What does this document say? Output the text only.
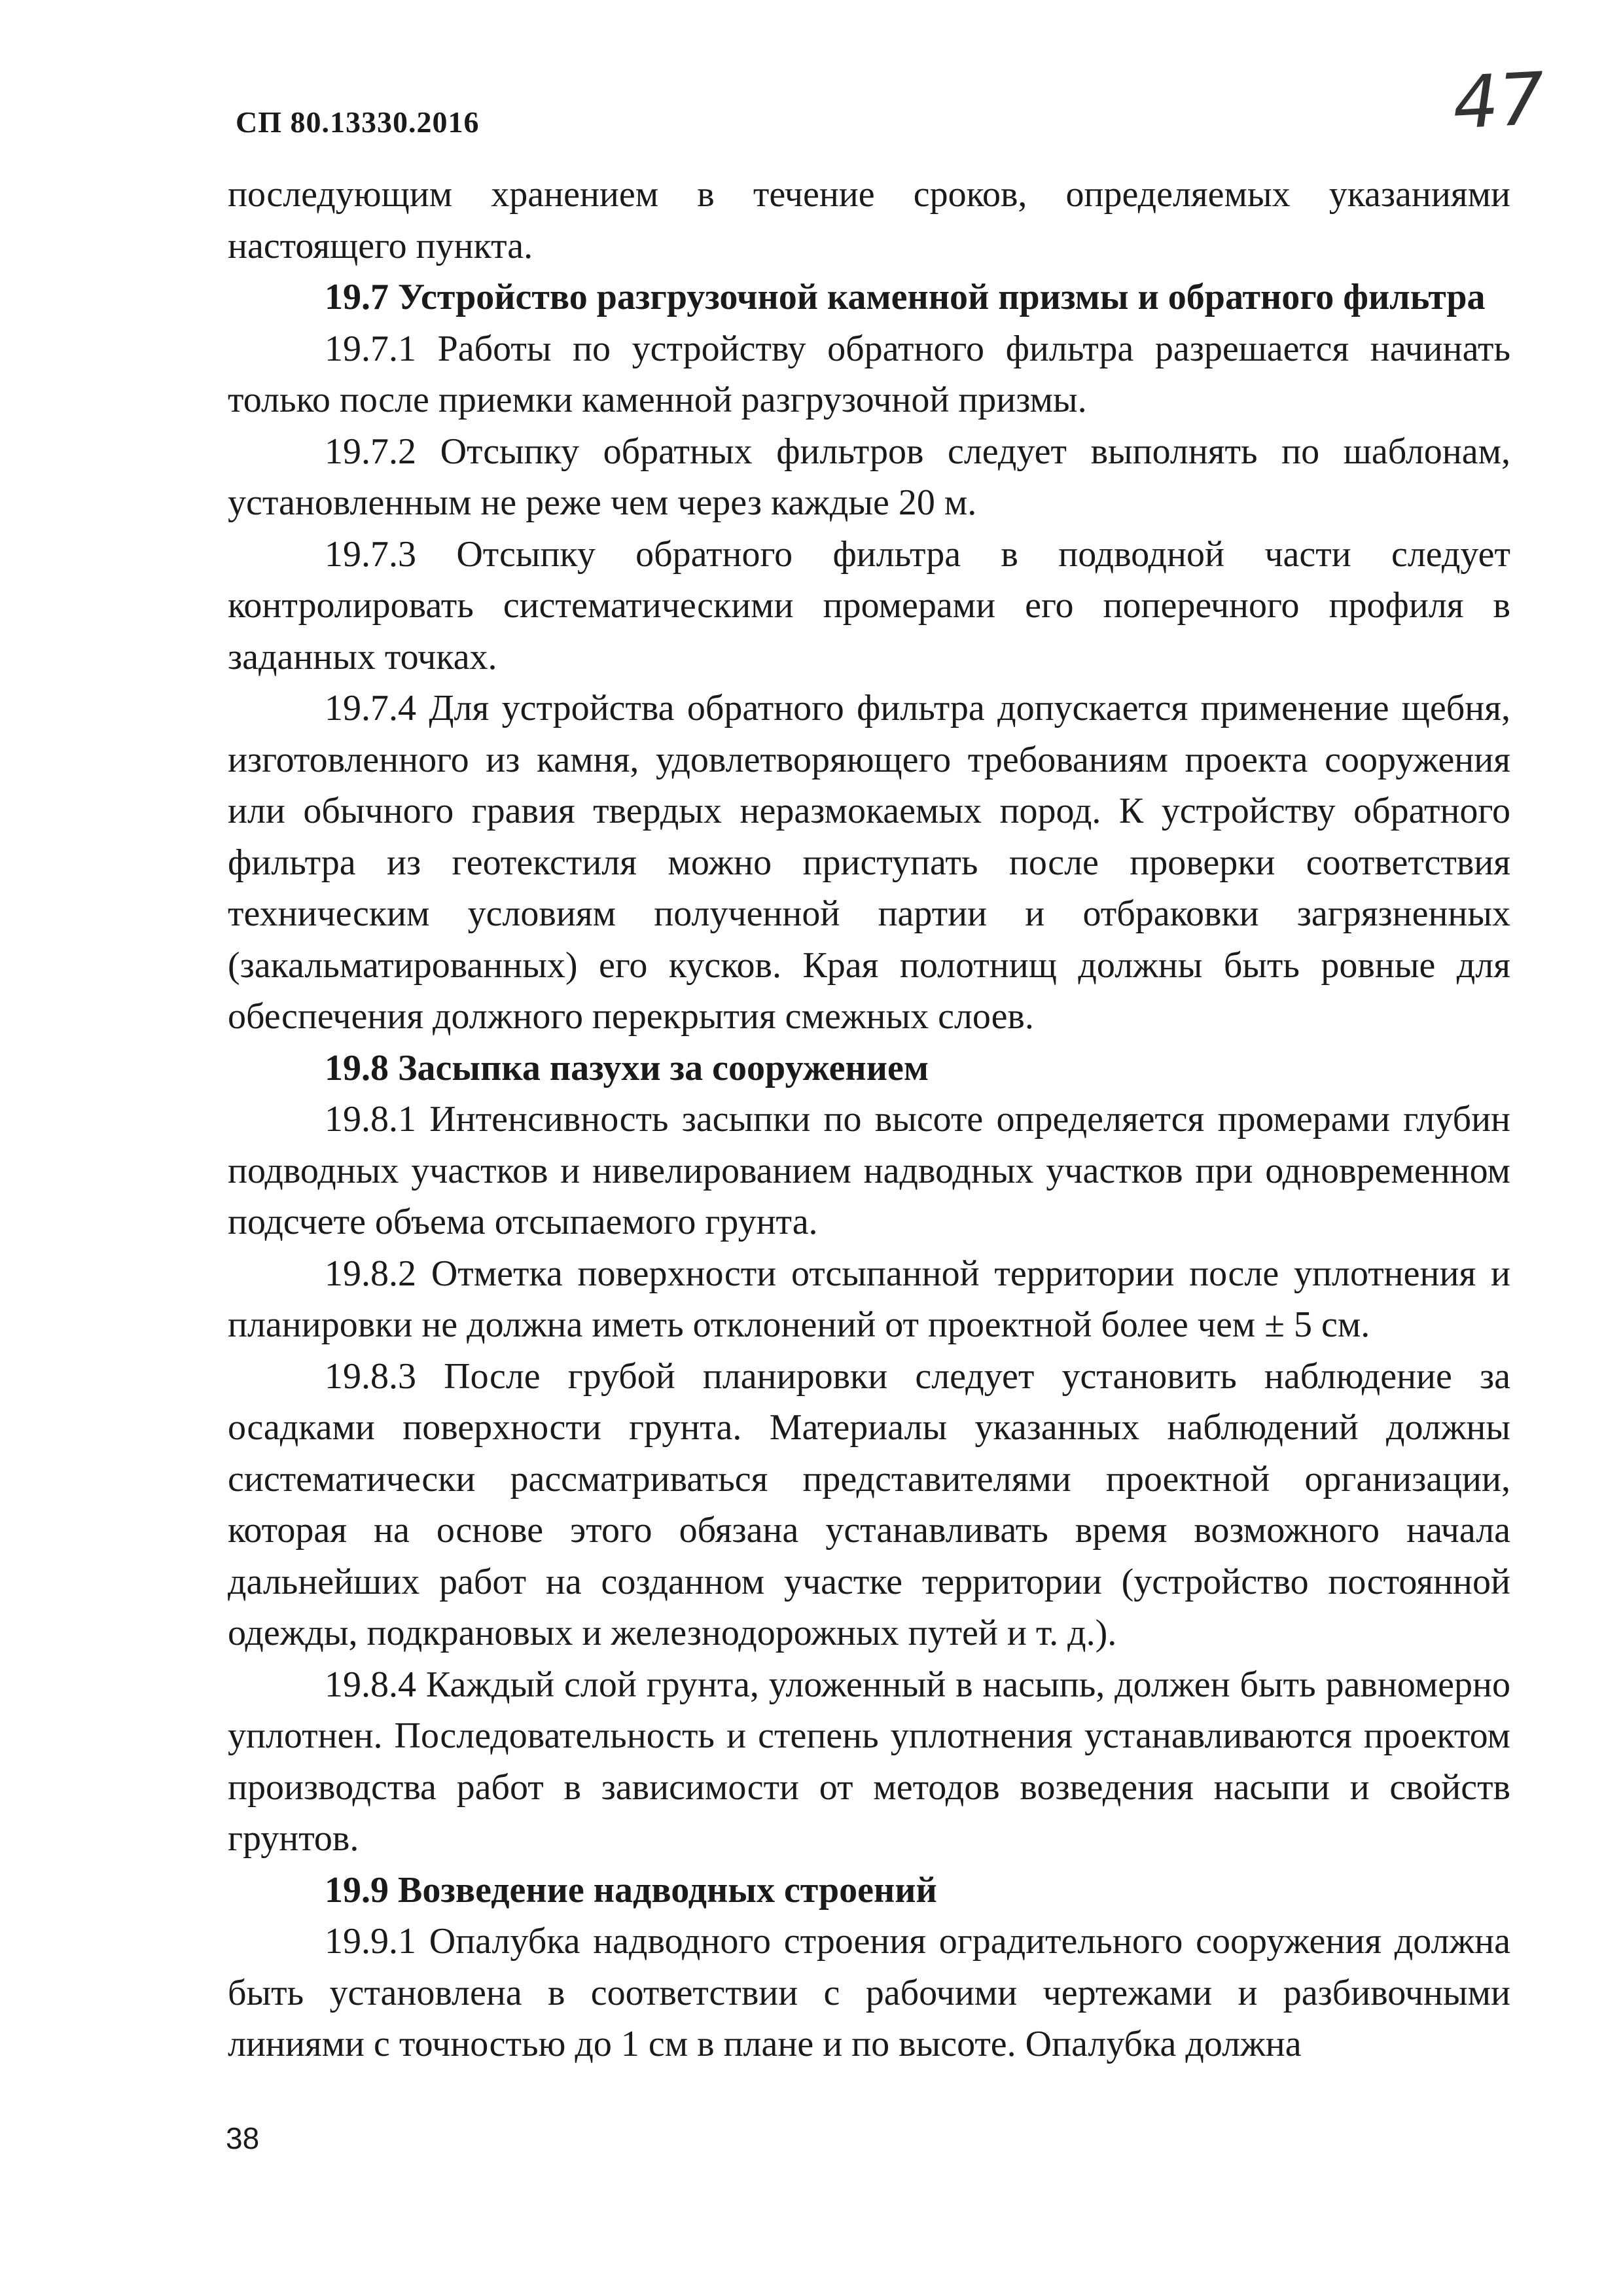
СП 80.13330.2016	47

последующим хранением в течение сроков, определяемых указаниями настоящего пункта.

19.7 Устройство разгрузочной каменной призмы и обратного фильтра

19.7.1 Работы по устройству обратного фильтра разрешается начинать только после приемки каменной разгрузочной призмы.

19.7.2 Отсыпку обратных фильтров следует выполнять по шаблонам, установленным не реже чем через каждые 20 м.

19.7.3 Отсыпку обратного фильтра в подводной части следует контролировать систематическими промерами его поперечного профиля в заданных точках.

19.7.4 Для устройства обратного фильтра допускается применение щебня, изготовленного из камня, удовлетворяющего требованиям проекта сооружения или обычного гравия твердых неразмокаемых пород. К устройству обратного фильтра из геотекстиля можно приступать после проверки соответствия техническим условиям полученной партии и отбраковки загрязненных (закальматированных) его кусков. Края полотнищ должны быть ровные для обеспечения должного перекрытия смежных слоев.

19.8 Засыпка пазухи за сооружением

19.8.1 Интенсивность засыпки по высоте определяется промерами глубин подводных участков и нивелированием надводных участков при одновременном подсчете объема отсыпаемого грунта.

19.8.2 Отметка поверхности отсыпанной территории после уплотнения и планировки не должна иметь отклонений от проектной более чем ± 5 см.

19.8.3 После грубой планировки следует установить наблюдение за осадками поверхности грунта. Материалы указанных наблюдений должны систематически рассматриваться представителями проектной организации, которая на основе этого обязана устанавливать время возможного начала дальнейших работ на созданном участке территории (устройство постоянной одежды, подкрановых и железнодорожных путей и т. д.).

19.8.4 Каждый слой грунта, уложенный в насыпь, должен быть равномерно уплотнен. Последовательность и степень уплотнения устанавливаются проектом производства работ в зависимости от методов возведения насыпи и свойств грунтов.

19.9 Возведение надводных строений

19.9.1 Опалубка надводного строения оградительного сооружения должна быть установлена в соответствии с рабочими чертежами и разбивочными линиями с точностью до 1 см в плане и по высоте. Опалубка должна

38
